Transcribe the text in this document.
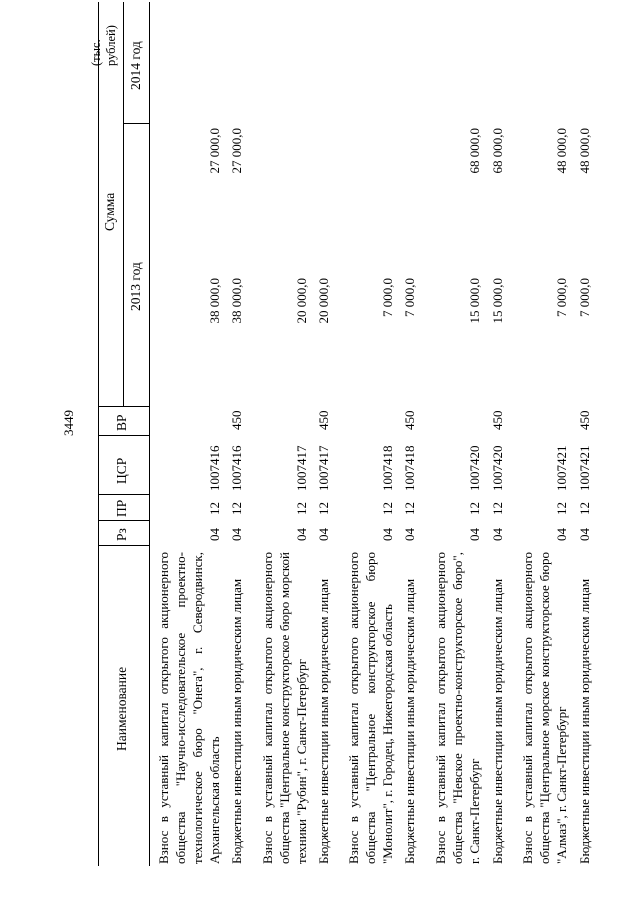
3449
(тыс. рублей)
Наименование
Рз
ПР
ЦСР
ВР
Сумма
2013 год
2014 год
Взнос в уставный капитал открытого акционерного общества "Научно-исследовательское проектно- технологическое бюро "Онега", г. Северодвинск, Архангельская область
04
12
1007416
38 000,0
27 000,0
Бюджетные инвестиции иным юридическим лицам
04
12
1007416
450
38 000,0
27 000,0
Взнос в уставный капитал открытого акционерного общества "Центральное конструкторское бюро морской техники "Рубин", г. Санкт-Петербург
04
12
1007417
20 000,0
Бюджетные инвестиции иным юридическим лицам
04
12
1007417
450
20 000,0
Взнос в уставный капитал открытого акционерного общества "Центральное конструкторское бюро "Монолит", г. Городец, Нижегородская область
04
12
1007418
7 000,0
Бюджетные инвестиции иным юридическим лицам
04
12
1007418
450
7 000,0
Взнос в уставный капитал открытого акционерного общества "Невское проектно-конструкторское бюро", г. Санкт-Петербург
04
12
1007420
15 000,0
68 000,0
Бюджетные инвестиции иным юридическим лицам
04
12
1007420
450
15 000,0
68 000,0
Взнос в уставный капитал открытого акционерного общества "Центральное морское конструкторское бюро "Алмаз", г. Санкт-Петербург
04
12
1007421
7 000,0
48 000,0
Бюджетные инвестиции иным юридическим лицам
04
12
1007421
450
7 000,0
48 000,0
